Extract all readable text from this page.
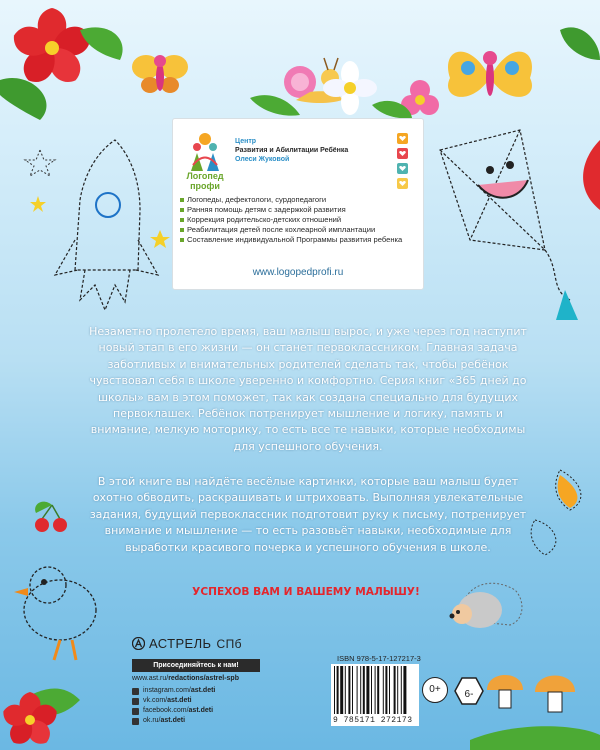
Логопед
профи
Центр
Развития и Абилитации Ребёнка
Олеси Жуковой
Логопеды, дефектологи, сурдопедагоги
Ранняя помощь детям с задержкой развития
Коррекция родительско-детских отношений
Реабилитация детей после кохлеарной имплантации
Составление индивидуальной Программы развития ребенка
www.logopedprofi.ru
Незаметно пролетело время, ваш малыш вырос, и уже через год наступит новый этап в его жизни — он станет первоклассником. Главная задача заботливых и внимательных родителей сделать так, чтобы ребёнок чувствовал себя в школе уверенно и комфортно. Серия книг «365 дней до школы» вам в этом поможет, так как создана специально для будущих первоклашек. Ребёнок потренирует мышление и логику, память и внимание, мелкую моторику, то есть все те навыки, которые необходимы для успешного обучения.
В этой книге вы найдёте весёлые картинки, которые ваш малыш будет охотно обводить, раскрашивать и штриховать. Выполняя увлекательные задания, будущий первоклассник подготовит руку к письму, потренирует внимание и мышление — то есть разовьёт навыки, необходимые для выработки красивого почерка и успешного обучения в школе.
УСПЕХОВ ВАМ И ВАШЕМУ МАЛЫШУ!
АСТРЕЛЬ СПб
Присоединяйтесь к нам!
www.ast.ru/redactions/astrel-spb
instagram.com/ ast.deti
vk.com/ ast.deti
facebook.com/ ast.deti
ok.ru/ ast.deti
ISBN 978-5-17-127217-3
9 785171 272173
0+	6-
